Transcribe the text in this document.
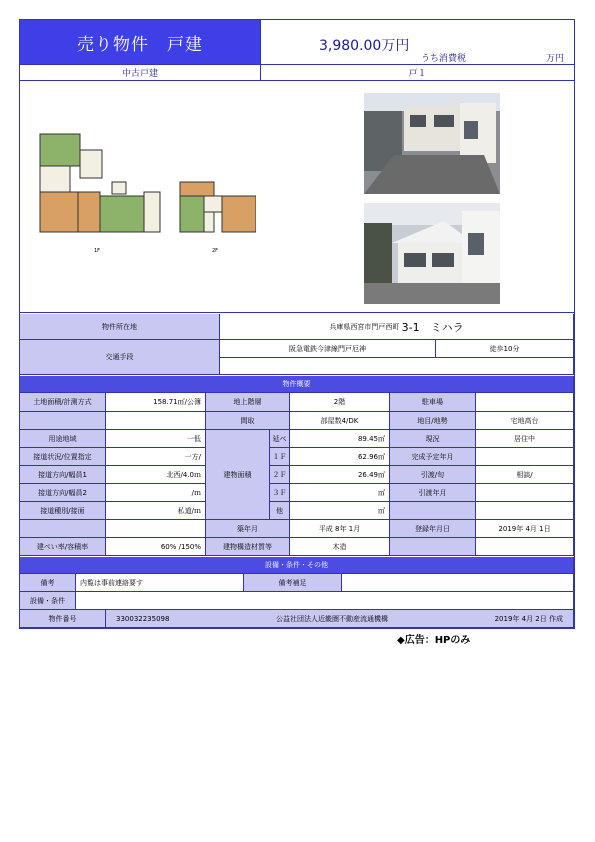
売り物件　戸建	3,980.00万円
うち消費税	万円
中古戸建	戸１
1F	2F
物件所在地	兵庫県西宮市門戸西町
3-1　ミハラ
交通手段
阪急電鉄今津線門戸厄神	徒歩10分
物件概要
土地面積/計測方式	158.71㎡/公簿	地上階層	2階	駐車場
間取	部屋数4/DK	地目/地勢	宅地高台
建物面積
用途地域	一低	延べ	89.45㎡	現況	居住中
接道状況/位置指定	一方/	１Ｆ	62.96㎡	完成予定年月
接道方向/幅員1	北西/4.0ｍ	２Ｆ	26.49㎡	引渡/旬	相談/
接道方向/幅員2	/ｍ	３Ｆ	㎡	引渡年月
接道種別/接面	私道/ｍ	他	㎡
築年月	平成 8年 1月	登録年月日	2019年 4月 1日
建ぺい率/容積率	60% /150%	建物構造材質等	木造
設備・条件・その他
備考	内覧は事前連絡要す	備考補足
設備・条件
物件番号	330032235098	公益社団法人近畿圏不動産流通機構	2019年 4月 2日 作成
◆広告：HPのみ
